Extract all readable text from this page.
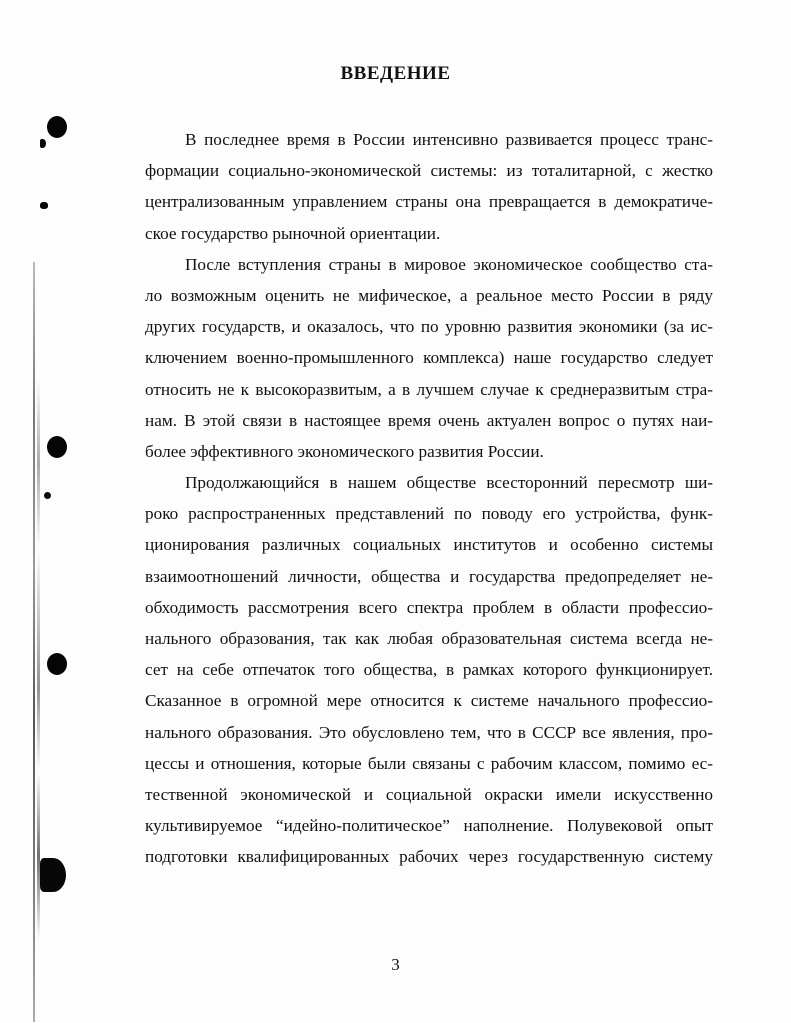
ВВЕДЕНИЕ
В последнее время в России интенсивно развивается процесс транс-
формации социально-экономической системы: из тоталитарной, с жестко
централизованным управлением страны она превращается в демократиче-
ское государство рыночной ориентации.
После вступления страны в мировое экономическое сообщество ста-
ло возможным оценить не мифическое, а реальное место России в ряду
других государств, и оказалось, что по уровню развития экономики (за ис-
ключением военно-промышленного комплекса) наше государство следует
относить не к высокоразвитым, а в лучшем случае к среднеразвитым стра-
нам. В этой связи в настоящее время очень актуален вопрос о путях наи-
более эффективного экономического развития России.
Продолжающийся в нашем обществе всесторонний пересмотр ши-
роко распространенных представлений по поводу его устройства, функ-
ционирования различных социальных институтов и особенно системы
взаимоотношений личности, общества и государства предопределяет не-
обходимость рассмотрения всего спектра проблем в области профессио-
нального образования, так как любая образовательная система всегда не-
сет на себе отпечаток того общества, в рамках которого функционирует.
Сказанное в огромной мере относится к системе начального профессио-
нального образования. Это обусловлено тем, что в СССР все явления, про-
цессы и отношения, которые были связаны с рабочим классом, помимо ес-
тественной экономической и социальной окраски имели искусственно
культивируемое “идейно-политическое” наполнение. Полувековой опыт
подготовки квалифицированных рабочих через государственную систему
3
